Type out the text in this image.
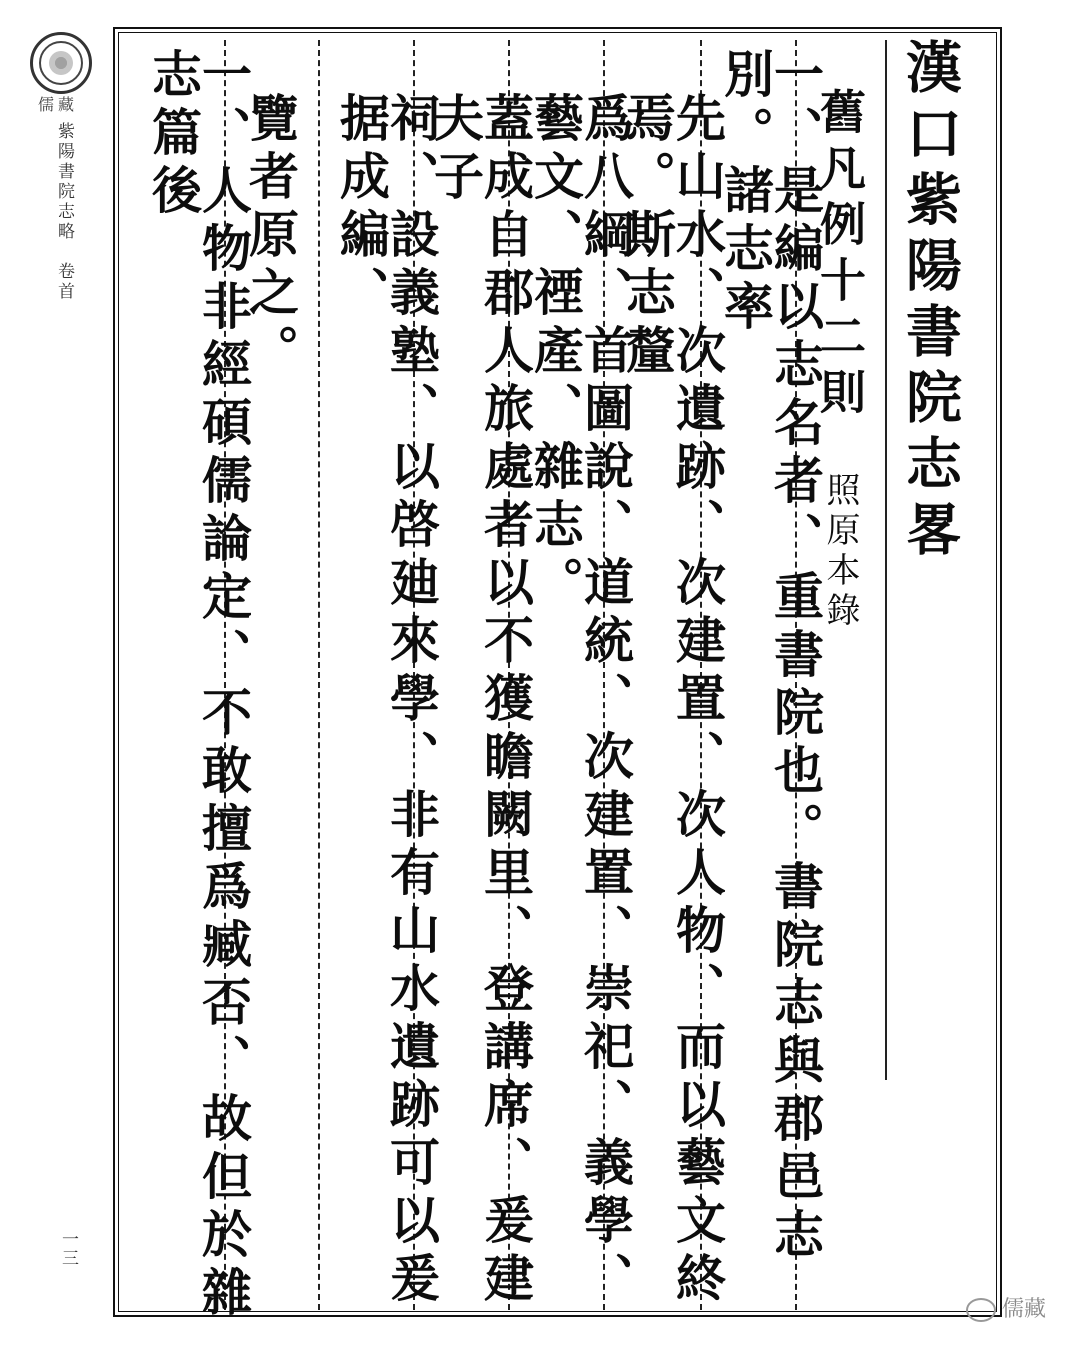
儒藏
紫陽書院志略　卷首
一三
漢口紫陽書院志畧
舊凡例十二則照原本錄
一、是編以志名者、重書院也。書院志與郡邑志別。諸志率
先山水、次遺跡、次建置、次人物、而以藝文終焉。斯志釐
爲八綱、首圖說、道統、次建置、崇祀、義學、藝文、禋產、雜志。
蓋成自郡人旅處者以不獲瞻闕里、登講席、爰建夫子
祠、設義塾、以啓廸來學、非有山水遺跡可以爰据成編、
覽者原之。
一、人物非經碩儒論定、不敢擅爲臧否、故但於雜志篇後
儒藏
